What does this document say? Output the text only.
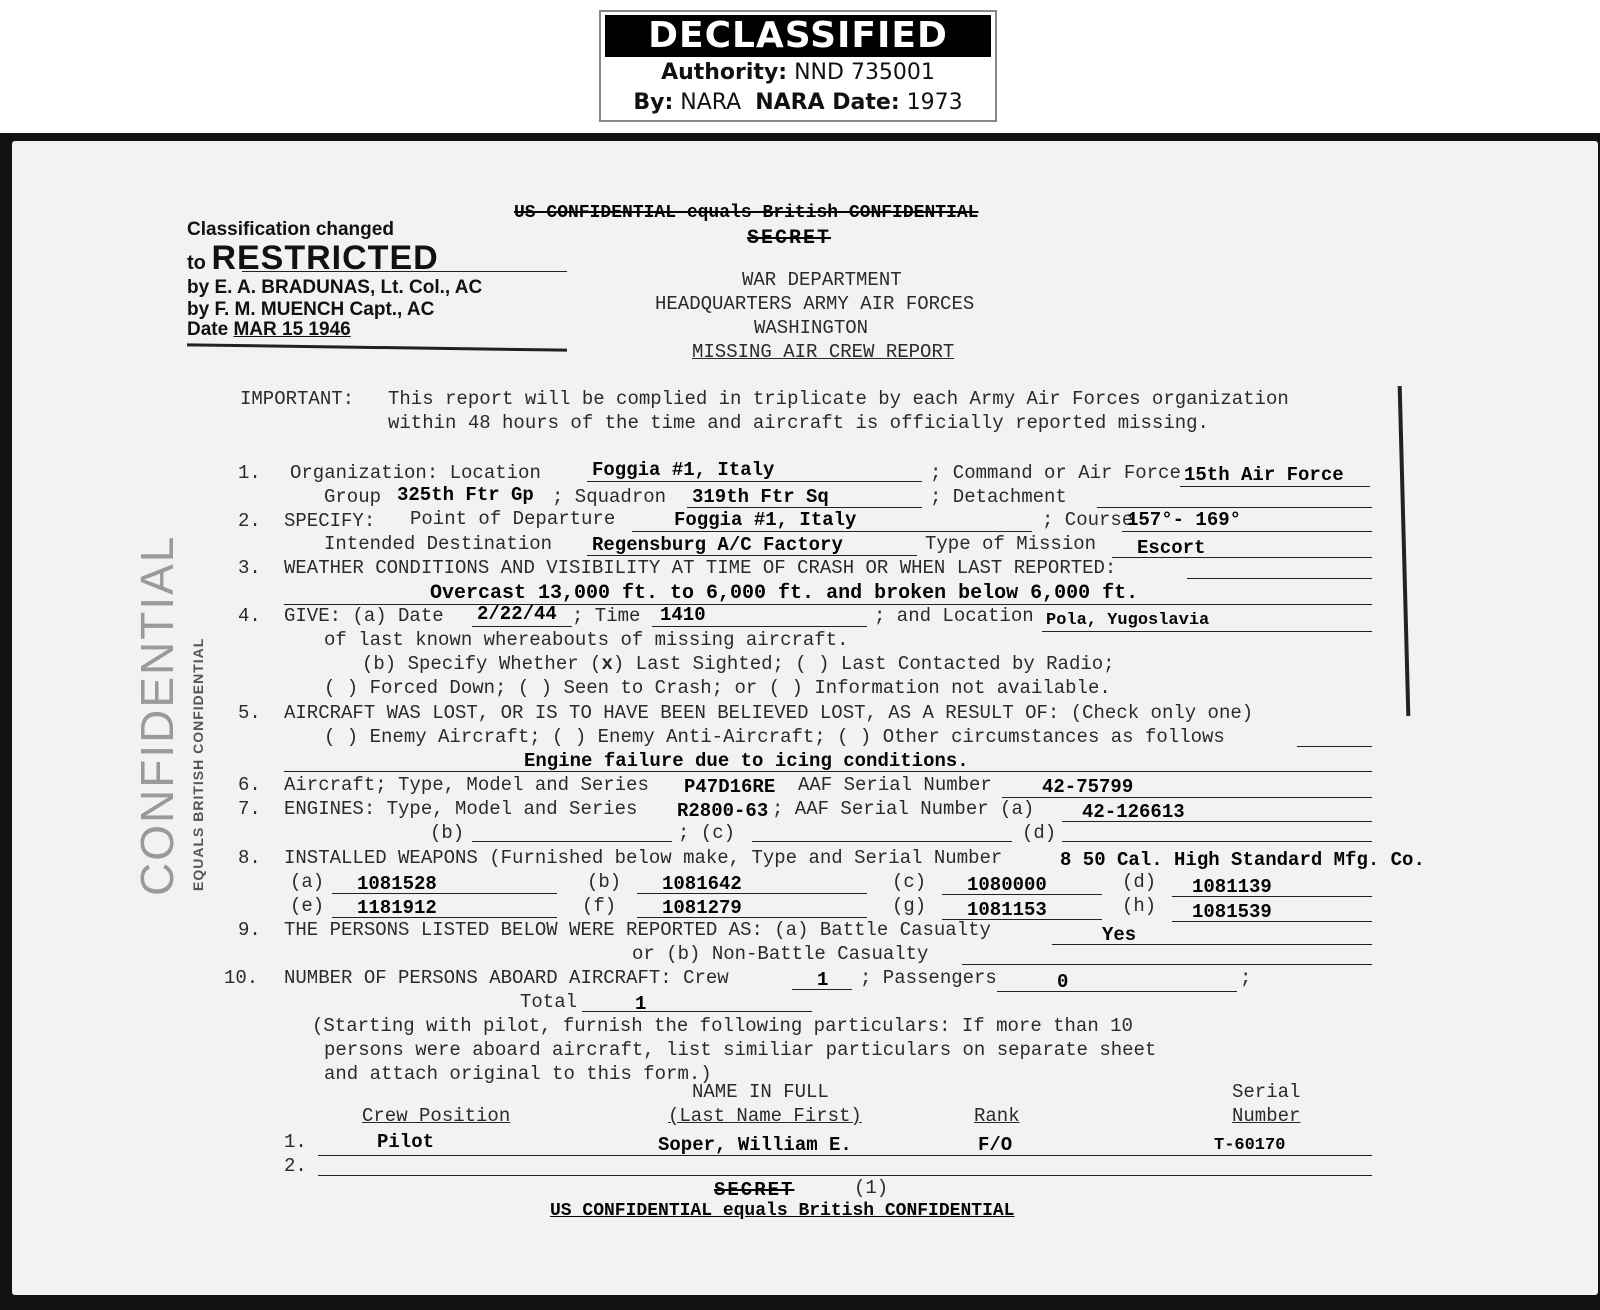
DECLASSIFIED
Authority: NND 735001
By: NARA NARA Date: 1973
US CONFIDENTIAL equals British CONFIDENTIAL
SECRET
Classification changed
to RESTRICTED
by E. A. BRADUNAS, Lt. Col., AC
by F. M. MUENCH Capt., AC
Date MAR 15 1946
WAR DEPARTMENT
HEADQUARTERS ARMY AIR FORCES
WASHINGTON
MISSING AIR CREW REPORT
CONFIDENTIAL EQUALS BRITISH CONFIDENTIAL
IMPORTANT: This report will be complied in triplicate by each Army Air Forces organization
within 48 hours of the time and aircraft is officially reported missing.
1. Organization: Location	Foggia #1, Italy	; Command or Air Force 15th Air Force
Group 325th Ftr Gp ; Squadron 319th Ftr Sq	; Detachment
2. SPECIFY: Point of Departure	Foggia #1, Italy	; Course
157°- 169°
Intended Destination Regensburg A/C Factory	Type of Mission Escort
3. WEATHER CONDITIONS AND VISIBILITY AT TIME OF CRASH OR WHEN LAST REPORTED:
Overcast 13,000 ft. to 6,000 ft. and broken below 6,000 ft.
4. GIVE: (a) Date 2/22/44 ; Time 1410	; and Location Pola, Yugoslavia
of last known whereabouts of missing aircraft.
(b) Specify Whether (x) Last Sighted; ( ) Last Contacted by Radio;
( ) Forced Down; ( ) Seen to Crash; or ( ) Information not available.
5. AIRCRAFT WAS LOST, OR IS TO HAVE BEEN BELIEVED LOST, AS A RESULT OF: (Check only one)
( ) Enemy Aircraft; ( ) Enemy Anti-Aircraft; ( ) Other circumstances as follows
Engine failure due to icing conditions.
6. Aircraft; Type, Model and Series P47D16RE AAF Serial Number	42-75799
7. ENGINES: Type, Model and Series R2800-63 ; AAF Serial Number (a)	42-126613
(b)	; (c)	(d)
8. INSTALLED WEAPONS (Furnished below make, Type and Serial Number	8 50 Cal. High Standard Mfg. Co.
(a) 1081528	(b) 1081642	(c) 1080000	(d) 1081139
(e) 1181912	(f) 1081279	(g) 1081153	(h) 1081539
9. THE PERSONS LISTED BELOW WERE REPORTED AS: (a) Battle Casualty	Yes
or (b) Non-Battle Casualty
10. NUMBER OF PERSONS ABOARD AIRCRAFT: Crew	1 ; Passengers	0	;
Total	1
(Starting with pilot, furnish the following particulars: If more than 10
persons were aboard aircraft, list similiar particulars on separate sheet
and attach original to this form.)
NAME IN FULL	Serial
Crew Position	(Last Name First)	Rank	Number
1.	Pilot	Soper, William E.	F/O	T-60170
2.
SECRET	(1)
US CONFIDENTIAL equals British CONFIDENTIAL
